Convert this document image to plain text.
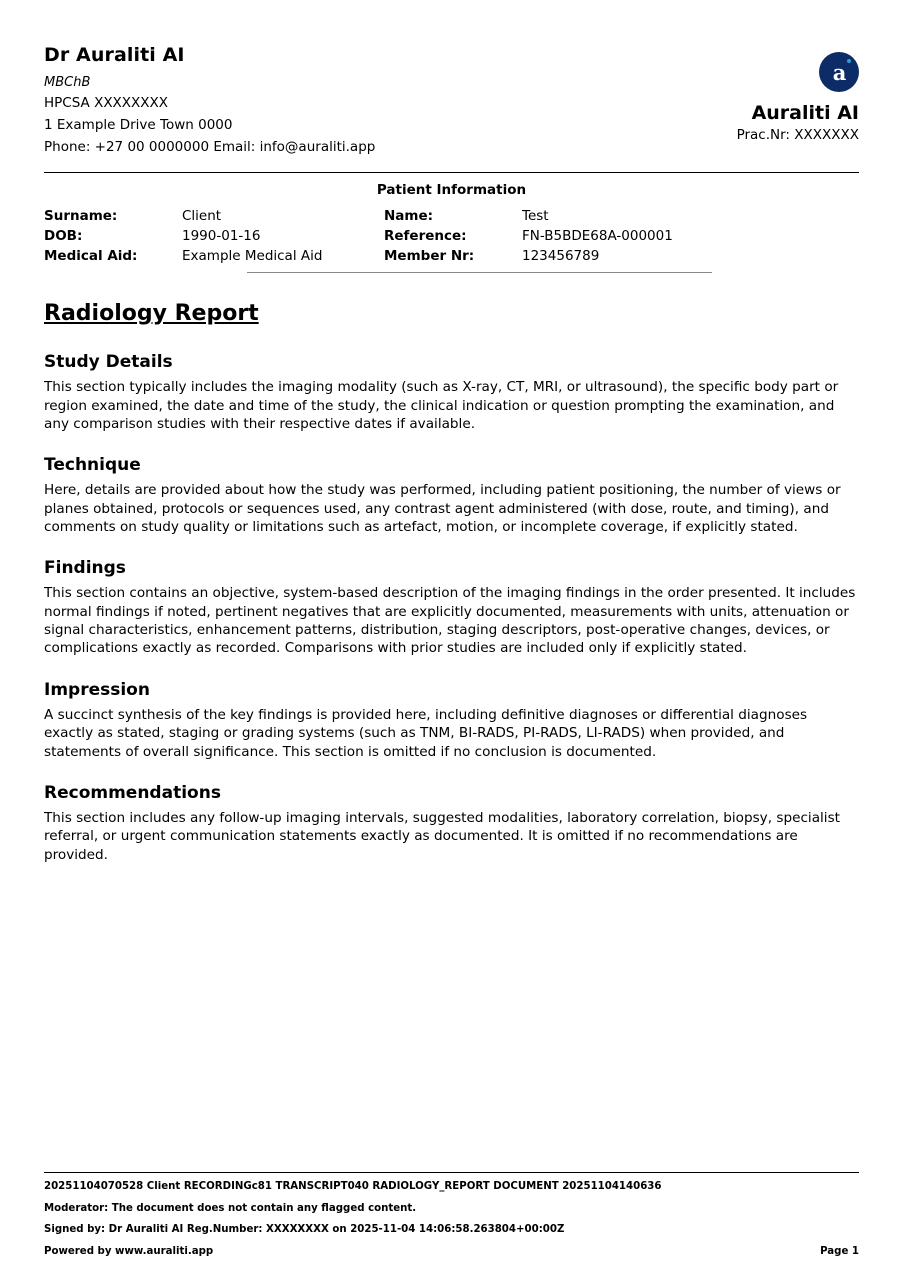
Dr Auraliti AI
MBChB
HPCSA XXXXXXXX
1 Example Drive Town 0000
Phone: +27 00 0000000 Email: info@auraliti.app
a
Auraliti AI
Prac.Nr: XXXXXXX
Patient Information
Surname:	Client	Name:	Test
DOB:	1990-01-16	Reference:	FN-B5BDE68A-000001
Medical Aid:	Example Medical Aid	Member Nr:	123456789
Radiology Report
Study Details

This section typically includes the imaging modality (such as X-ray, CT, MRI, or ultrasound), the specific body part or region examined, the date and time of the study, the clinical indication or question prompting the examination, and any comparison studies with their respective dates if available.

Technique

Here, details are provided about how the study was performed, including patient positioning, the number of views or planes obtained, protocols or sequences used, any contrast agent administered (with dose, route, and timing), and comments on study quality or limitations such as artefact, motion, or incomplete coverage, if explicitly stated.

Findings

This section contains an objective, system-based description of the imaging findings in the order presented. It includes normal findings if noted, pertinent negatives that are explicitly documented, measurements with units, attenuation or signal characteristics, enhancement patterns, distribution, staging descriptors, post-operative changes, devices, or complications exactly as recorded. Comparisons with prior studies are included only if explicitly stated.

Impression

A succinct synthesis of the key findings is provided here, including definitive diagnoses or differential diagnoses exactly as stated, staging or grading systems (such as TNM, BI-RADS, PI-RADS, LI-RADS) when provided, and statements of overall significance. This section is omitted if no conclusion is documented.

Recommendations

This section includes any follow-up imaging intervals, suggested modalities, laboratory correlation, biopsy, specialist referral, or urgent communication statements exactly as documented. It is omitted if no recommendations are provided.

20251104070528 Client RECORDINGc81 TRANSCRIPT040 RADIOLOGY_REPORT DOCUMENT 20251104140636
Moderator: The document does not contain any flagged content.
Signed by: Dr Auraliti AI Reg.Number: XXXXXXXX on 2025-11-04 14:06:58.263804+00:00Z
Powered by www.auraliti.app	Page 1
